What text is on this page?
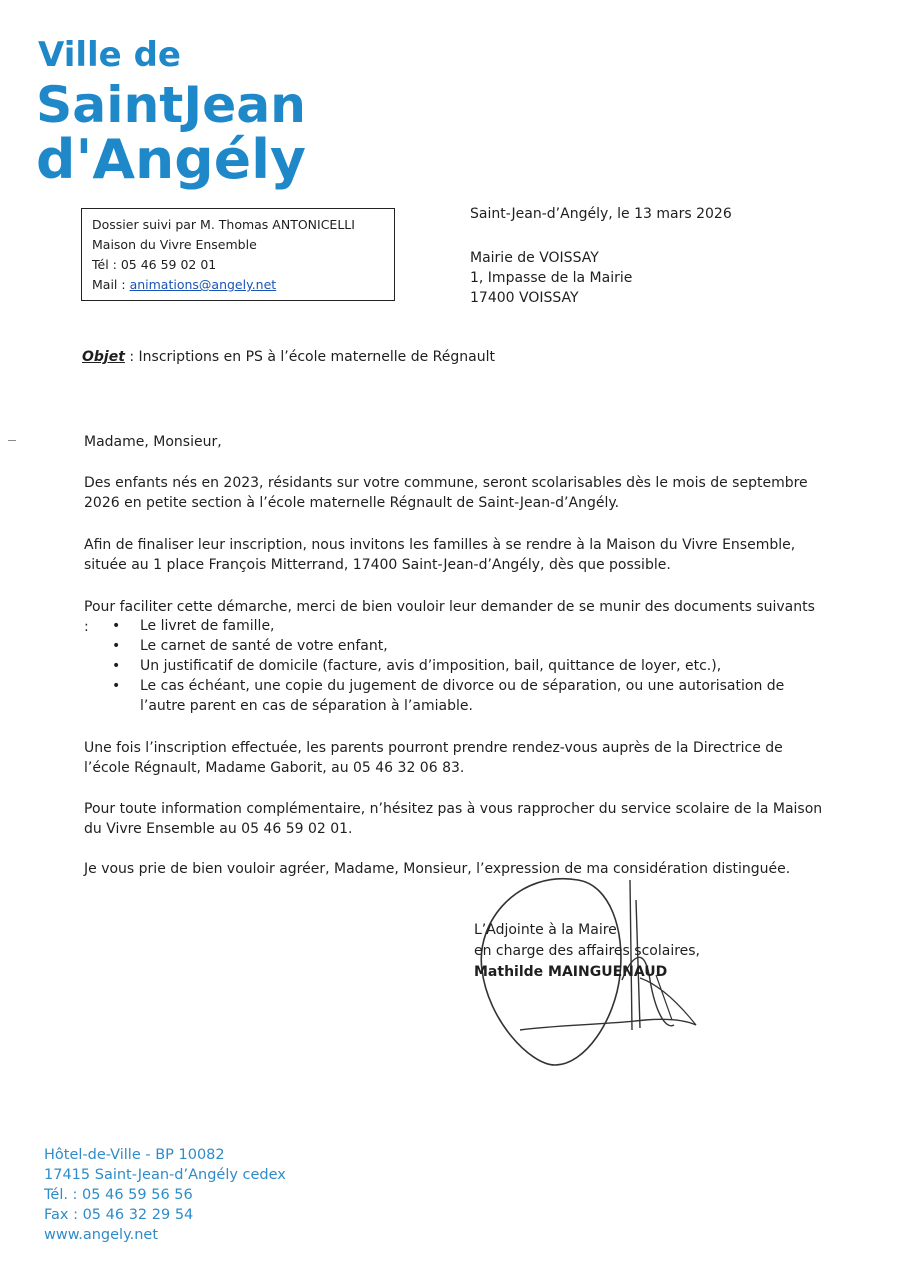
Ville de
SaintJean
d'Angély
Dossier suivi par M. Thomas ANTONICELLI
Maison du Vivre Ensemble
Tél : 05 46 59 02 01
Mail : animations@angely.net
Saint-Jean-d’Angély, le 13 mars 2026
Mairie de VOISSAY
1, Impasse de la Mairie
17400 VOISSAY
Objet : Inscriptions en PS à l’école maternelle de Régnault
Madame, Monsieur,
Des enfants nés en 2023, résidants sur votre commune, seront scolarisables dès le mois de septembre 2026 en petite section à l’école maternelle Régnault de Saint-Jean-d’Angély.
Afin de finaliser leur inscription, nous invitons les familles à se rendre à la Maison du Vivre Ensemble, située au 1 place François Mitterrand, 17400 Saint-Jean-d’Angély, dès que possible.
Pour faciliter cette démarche, merci de bien vouloir leur demander de se munir des documents suivants :	• Le livret de famille,
• Le carnet de santé de votre enfant,
• Un justificatif de domicile (facture, avis d’imposition, bail, quittance de loyer, etc.),
• Le cas échéant, une copie du jugement de divorce ou de séparation, ou une autorisation de l’autre parent en cas de séparation à l’amiable.
Une fois l’inscription effectuée, les parents pourront prendre rendez-vous auprès de la Directrice de l’école Régnault, Madame Gaborit, au 05 46 32 06 83.
Pour toute information complémentaire, n’hésitez pas à vous rapprocher du service scolaire de la Maison du Vivre Ensemble au 05 46 59 02 01.
Je vous prie de bien vouloir agréer, Madame, Monsieur, l’expression de ma considération distinguée.
L’Adjointe à la Maire
en charge des affaires scolaires,
Mathilde MAINGUENAUD
Hôtel-de-Ville - BP 10082
17415 Saint-Jean-d’Angély cedex
Tél. : 05 46 59 56 56
Fax : 05 46 32 29 54
www.angely.net
